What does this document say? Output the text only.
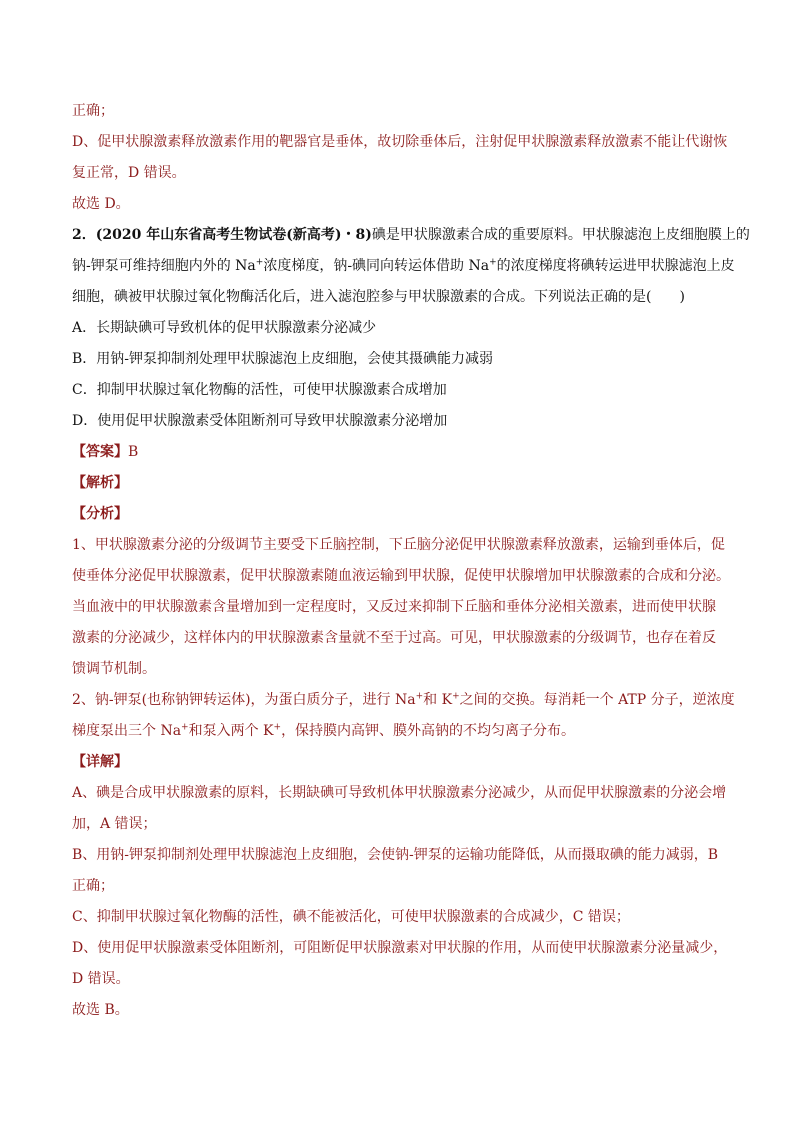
正确；
D、促甲状腺激素释放激素作用的靶器官是垂体，故切除垂体后，注射促甲状腺激素释放激素不能让代谢恢
复正常，D 错误。
故选 D。
2．(2020 年山东省高考生物试卷(新高考)・8)碘是甲状腺激素合成的重要原料。甲状腺滤泡上皮细胞膜上的
钠-钾泵可维持细胞内外的 Na+浓度梯度，钠-碘同向转运体借助 Na+的浓度梯度将碘转运进甲状腺滤泡上皮
细胞，碘被甲状腺过氧化物酶活化后，进入滤泡腔参与甲状腺激素的合成。下列说法正确的是(　　)
A．长期缺碘可导致机体的促甲状腺激素分泌减少
B．用钠-钾泵抑制剂处理甲状腺滤泡上皮细胞，会使其摄碘能力减弱
C．抑制甲状腺过氧化物酶的活性，可使甲状腺激素合成增加
D．使用促甲状腺激素受体阻断剂可导致甲状腺激素分泌增加
【答案】B
【解析】
【分析】
1、甲状腺激素分泌的分级调节主要受下丘脑控制，下丘脑分泌促甲状腺激素释放激素，运输到垂体后，促
使垂体分泌促甲状腺激素，促甲状腺激素随血液运输到甲状腺，促使甲状腺增加甲状腺激素的合成和分泌。
当血液中的甲状腺激素含量增加到一定程度时，又反过来抑制下丘脑和垂体分泌相关激素，进而使甲状腺
激素的分泌减少，这样体内的甲状腺激素含量就不至于过高。可见，甲状腺激素的分级调节，也存在着反
馈调节机制。
2、钠-钾泵(也称钠钾转运体)，为蛋白质分子，进行 Na+和 K+之间的交换。每消耗一个 ATP 分子，逆浓度
梯度泵出三个 Na+和泵入两个 K+，保持膜内高钾、膜外高钠的不均匀离子分布。
【详解】
A、碘是合成甲状腺激素的原料，长期缺碘可导致机体甲状腺激素分泌减少，从而促甲状腺激素的分泌会增
加，A 错误；
B、用钠-钾泵抑制剂处理甲状腺滤泡上皮细胞，会使钠-钾泵的运输功能降低，从而摄取碘的能力减弱，B
正确；
C、抑制甲状腺过氧化物酶的活性，碘不能被活化，可使甲状腺激素的合成减少，C 错误；
D、使用促甲状腺激素受体阻断剂，可阻断促甲状腺激素对甲状腺的作用，从而使甲状腺激素分泌量减少，
D 错误。
故选 B。
